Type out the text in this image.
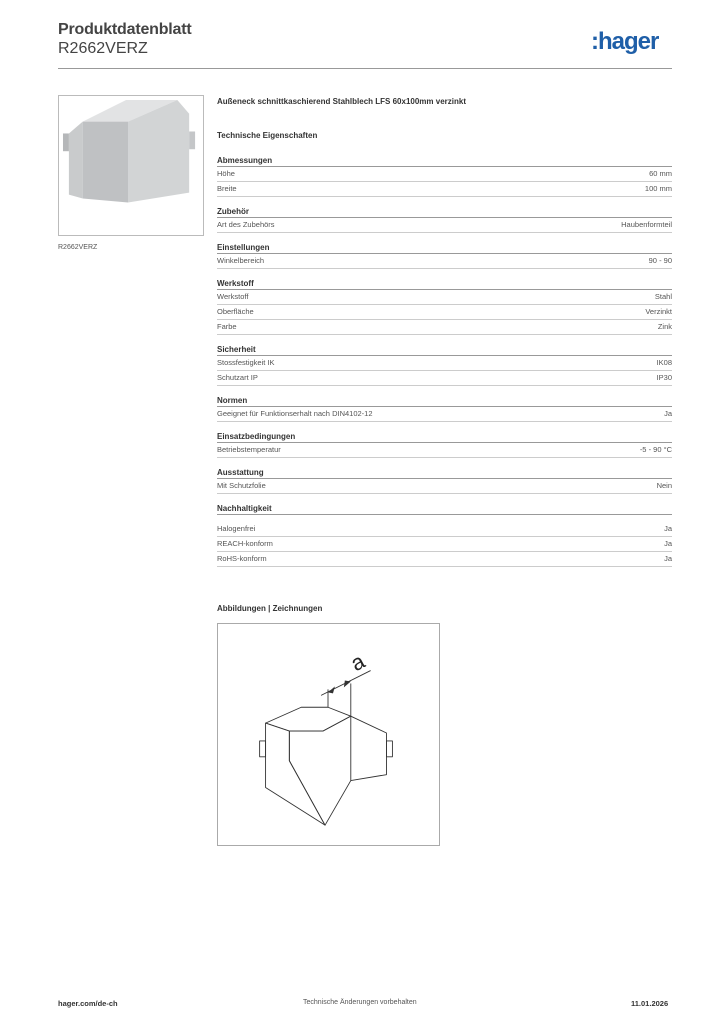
Produktdatenblatt
R2662VERZ	:hager
R2662VERZ
Außeneck schnittkaschierend Stahlblech LFS 60x100mm verzinkt
Technische Eigenschaften
Abmessungen
Höhe	60 mm
Breite	100 mm
Zubehör
Art des Zubehörs	Haubenformteil
Einstellungen
Winkelbereich	90 - 90
Werkstoff
Werkstoff	Stahl
Oberfläche	Verzinkt
Farbe	Zink
Sicherheit
Stossfestigkeit IK	IK08
Schutzart IP	IP30
Normen
Geeignet für Funktionserhalt nach DIN4102-12	Ja
Einsatzbedingungen
Betriebstemperatur	-5 - 90 °C
Ausstattung
Mit Schutzfolie	Nein
Nachhaltigkeit
Halogenfrei	Ja
REACH-konform	Ja
RoHS-konform	Ja
Abbildungen | Zeichnungen
a
hager.com/de-ch	Technische Änderungen vorbehalten	11.01.2026
